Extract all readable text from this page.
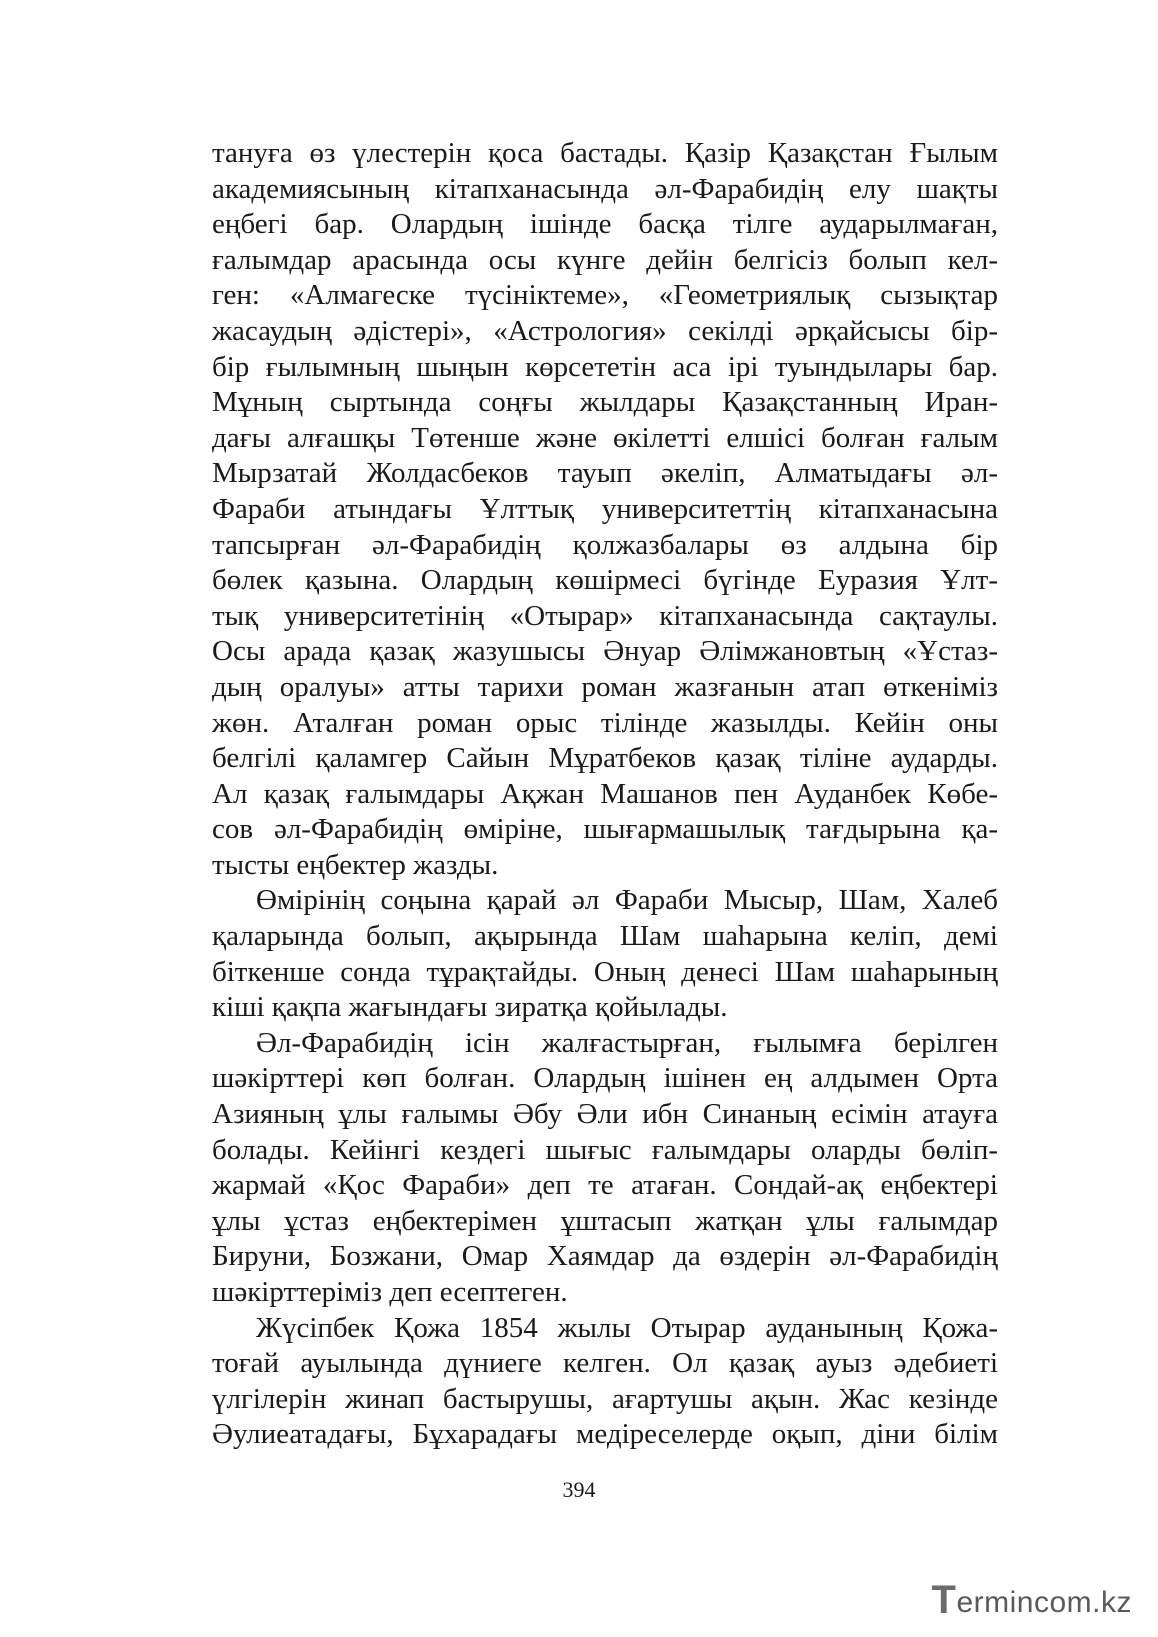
тануға өз үлестерін қоса бастады. Қазір Қазақстан Ғылым
академиясының кітапханасында әл-Фарабидің елу шақты
еңбегі бар. Олардың ішінде басқа тілге аударылмаған,
ғалымдар арасында осы күнге дейін белгісіз болып кел-
ген: «Алмагеске түсініктеме», «Геометриялық сызықтар
жасаудың әдістері», «Астрология» секілді әрқайсысы бір-
бір ғылымның шыңын көрсететін аса ірі туындылары бар.
Мұның сыртында соңғы жылдары Қазақстанның Иран-
дағы алғашқы Төтенше және өкілетті елшісі болған ғалым
Мырзатай Жолдасбеков тауып әкеліп, Алматыдағы әл-
Фараби атындағы Ұлттық университеттің кітапханасына
тапсырған әл-Фарабидің қолжазбалары өз алдына бір
бөлек қазына. Олардың көшірмесі бүгінде Еуразия Ұлт-
тық университетінің «Отырар» кітапханасында сақтаулы.
Осы арада қазақ жазушысы Әнуар Әлімжановтың «Ұстаз-
дың оралуы» атты тарихи роман жазғанын атап өткеніміз
жөн. Аталған роман орыс тілінде жазылды. Кейін оны
белгілі қаламгер Сайын Мұратбеков қазақ тіліне аударды.
Ал қазақ ғалымдары Ақжан Машанов пен Ауданбек Көбе-
сов әл-Фарабидің өміріне, шығармашылық тағдырына қа-
тысты еңбектер жазды.
Өмірінің соңына қарай әл Фараби Мысыр, Шам, Халеб
қаларында болып, ақырында Шам шаһарына келіп, демі
біткенше сонда тұрақтайды. Оның денесі Шам шаһарының
кіші қақпа жағындағы зиратқа қойылады.
Әл-Фарабидің ісін жалғастырған, ғылымға берілген
шәкірттері көп болған. Олардың ішінен ең алдымен Орта
Азияның ұлы ғалымы Әбу Әли ибн Синаның есімін атауға
болады. Кейінгі кездегі шығыс ғалымдары оларды бөліп-
жармай «Қос Фараби» деп те атаған. Сондай-ақ еңбектері
ұлы ұстаз еңбектерімен ұштасып жатқан ұлы ғалымдар
Бируни, Бозжани, Омар Хаямдар да өздерін әл-Фарабидің
шәкірттеріміз деп есептеген.
Жүсіпбек Қожа 1854 жылы Отырар ауданының Қожа-
тоғай ауылында дүниеге келген. Ол қазақ ауыз әдебиеті
үлгілерін жинап бастырушы, ағартушы ақын. Жас кезінде
Әулиеатадағы, Бұхарадағы медіреселерде оқып, діни білім
394
T ermincom.kz
